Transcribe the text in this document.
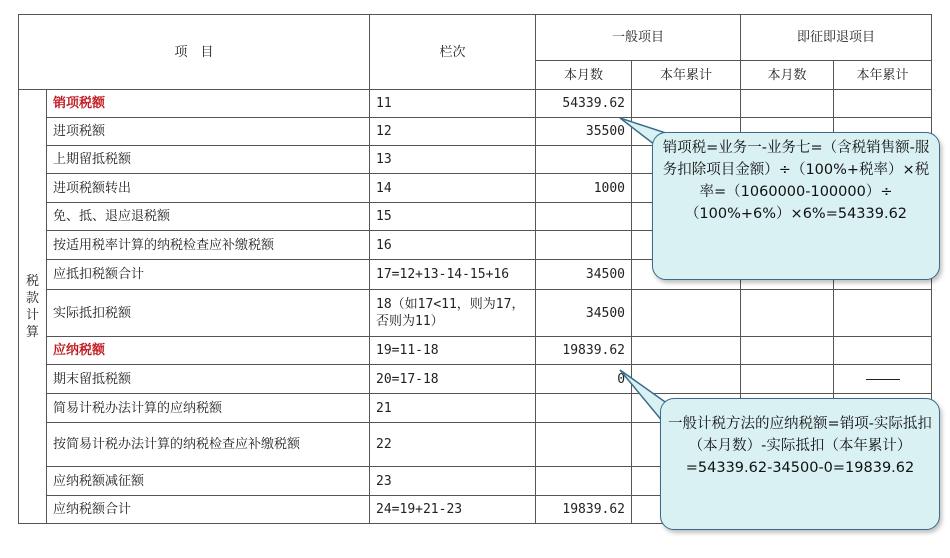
项　目		栏次	一般项目		即征即退项目	
			本月数	本年累计	本月数	本年累计
税
款
计
算	销项税额	11	54339.62			
	进项税额	12	35500			
	上期留抵税额	13				
	进项税额转出	14	1000			
	免、抵、退应退税额	15				
	按适用税率计算的纳税检查应补缴税额	16				
	应抵扣税额合计	17=12+13-14-15+16	34500			
	实际抵扣税额	18（如17<11，则为17，否则为11）	34500			
	应纳税额	19=11-18	19839.62			
	期末留抵税额	20=17-18	0			
	简易计税办法计算的应纳税额	21				
	按简易计税办法计算的纳税检查应补缴税额	22				
	应纳税额减征额	23				
	应纳税额合计	24=19+21-23	19839.62			
销项税=业务一-业务七=（含税销售额-服务扣除项目金额）÷（100%+税率）×税率=（1060000-100000）÷（100%+6%）×6%=54339.62
一般计税方法的应纳税额=销项-实际抵扣（本月数）-实际抵扣（本年累计）=54339.62-34500-0=19839.62
